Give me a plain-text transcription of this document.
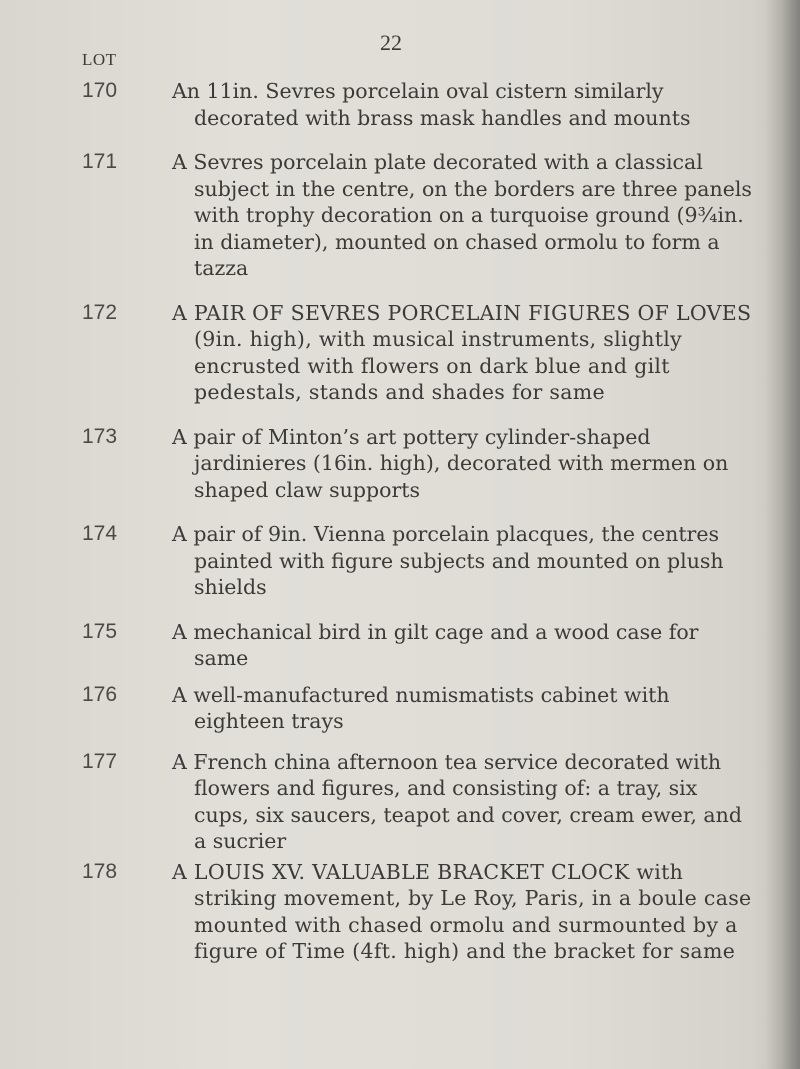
22
LOT
170	An 11in. Sevres porcelain oval cistern similarly decorated with brass mask handles and mounts
171	A Sevres porcelain plate decorated with a classical subject in the centre, on the borders are three panels with trophy decoration on a turquoise ground (9¾in. in diameter), mounted on chased ormolu to form a tazza
172	A PAIR OF SEVRES PORCELAIN FIGURES OF LOVES (9in. high), with musical instruments, slightly encrusted with flowers on dark blue and gilt pedestals, stands and shades for same
173	A pair of Minton’s art pottery cylinder-shaped jardinieres (16in. high), decorated with mermen on shaped claw supports
174	A pair of 9in. Vienna porcelain placques, the centres painted with figure subjects and mounted on plush shields
175	A mechanical bird in gilt cage and a wood case for same
176	A well-manufactured numismatists cabinet with eighteen trays
177	A French china afternoon tea service decorated with flowers and figures, and consisting of: a tray, six cups, six saucers, teapot and cover, cream ewer, and a sucrier
178	A LOUIS XV. VALUABLE BRACKET CLOCK with striking movement, by Le Roy, Paris, in a boule case mounted with chased ormolu and surmounted by a figure of Time (4ft. high) and the bracket for same
